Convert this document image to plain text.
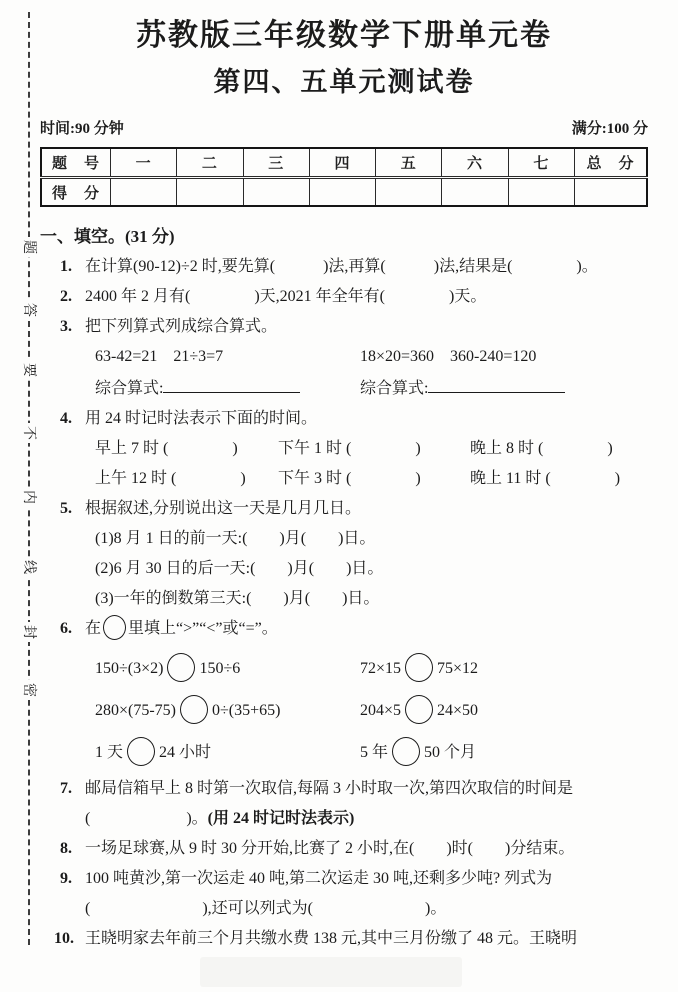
题
答
要
不
内
线
封
密
苏教版三年级数学下册单元卷
第四、五单元测试卷
时间:90 分钟	满分:100 分
题　号	一	二	三	四	五	六	七	总　分
得　分								
一、填空。(31 分)
1. 在计算(90-12)÷2 时,要先算(　　　)法,再算(　　　)法,结果是(　　　　)。
2. 2400 年 2 月有(　　　　)天,2021 年全年有(　　　　)天。
3. 把下列算式列成综合算式。
63-42=21　21÷3=7	18×20=360　360-240=120
综合算式:	综合算式:
4. 用 24 时记时法表示下面的时间。
早上 7 时 (　　　　)	下午 1 时 (　　　　)	晚上 8 时 (　　　　)
上午 12 时 (　　　　)	下午 3 时 (　　　　)	晚上 11 时 (　　　　)
5. 根据叙述,分别说出这一天是几月几日。
(1)8 月 1 日的前一天:(　　)月(　　)日。
(2)6 月 30 日的后一天:(　　)月(　　)日。
(3)一年的倒数第三天:(　　)月(　　)日。
6. 在 里填上“>”“<”或“=”。
150÷(3×2) 150÷6	72×15 75×12
280×(75-75) 0÷(35+65)	204×5 24×50
1 天 24 小时	5 年 50 个月
7. 邮局信箱早上 8 时第一次取信,每隔 3 小时取一次,第四次取信的时间是
(　　　　　　)。(用 24 时记时法表示)
8. 一场足球赛,从 9 时 30 分开始,比赛了 2 小时,在(　　)时(　　)分结束。
9. 100 吨黄沙,第一次运走 40 吨,第二次运走 30 吨,还剩多少吨? 列式为
(　　　　　　　),还可以列式为(　　　　　　　)。
10. 王晓明家去年前三个月共缴水费 138 元,其中三月份缴了 48 元。王晓明
